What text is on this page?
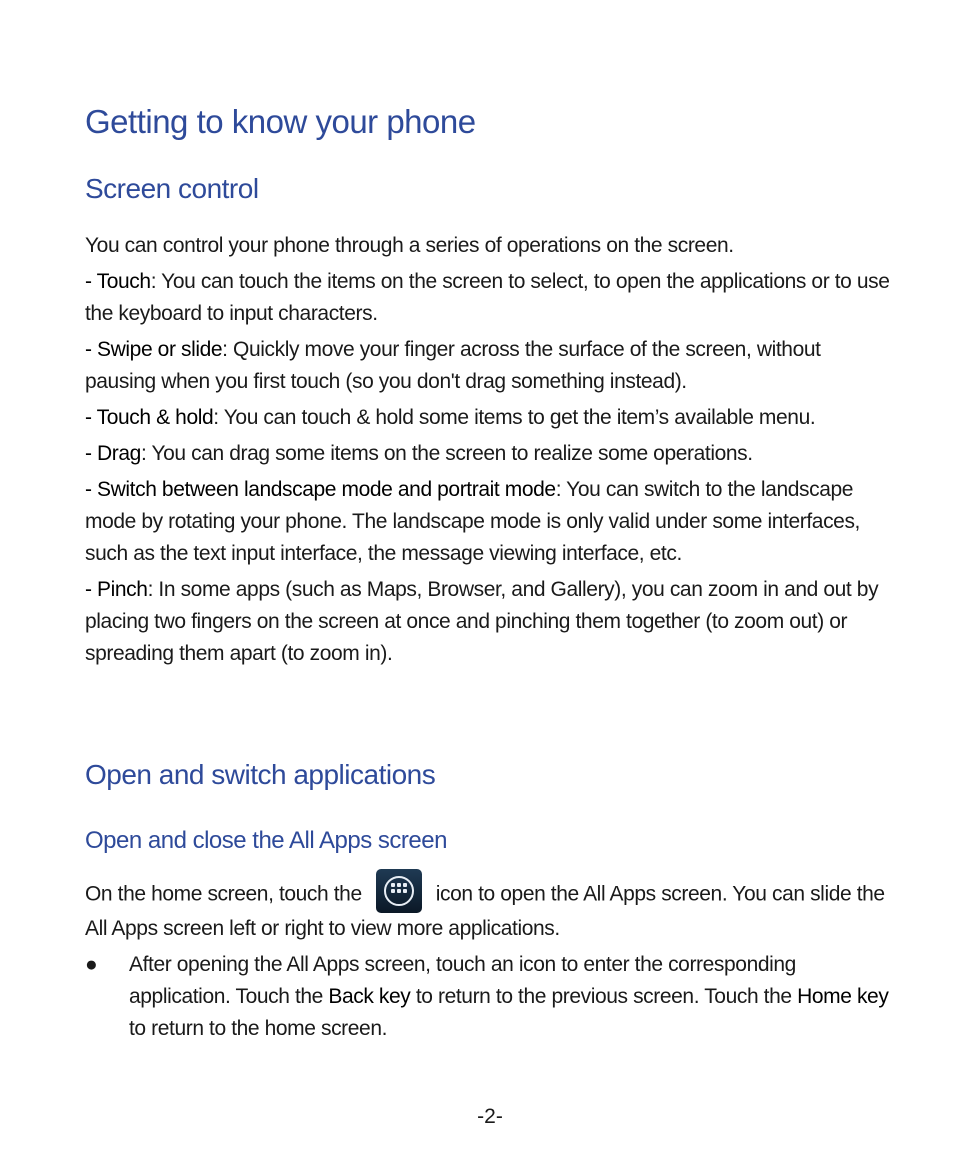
Getting to know your phone
Screen control

You can control your phone through a series of operations on the screen.

- Touch: You can touch the items on the screen to select, to open the applications or to use the keyboard to input characters.

- Swipe or slide: Quickly move your finger across the surface of the screen, without pausing when you first touch (so you don't drag something instead).

- Touch & hold: You can touch & hold some items to get the item’s available menu.

- Drag: You can drag some items on the screen to realize some operations.

- Switch between landscape mode and portrait mode: You can switch to the landscape mode by rotating your phone. The landscape mode is only valid under some interfaces, such as the text input interface, the message viewing interface, etc.

- Pinch: In some apps (such as Maps, Browser, and Gallery), you can zoom in and out by placing two fingers on the screen at once and pinching them together (to zoom out) or spreading them apart (to zoom in).

Open and switch applications
Open and close the All Apps screen

On the home screen, touch the	icon to open the All Apps screen. You can slide the All Apps screen left or right to view more applications.

● After opening the All Apps screen, touch an icon to enter the corresponding application. Touch the Back key to return to the previous screen. Touch the Home key to return to the home screen.

-2-
